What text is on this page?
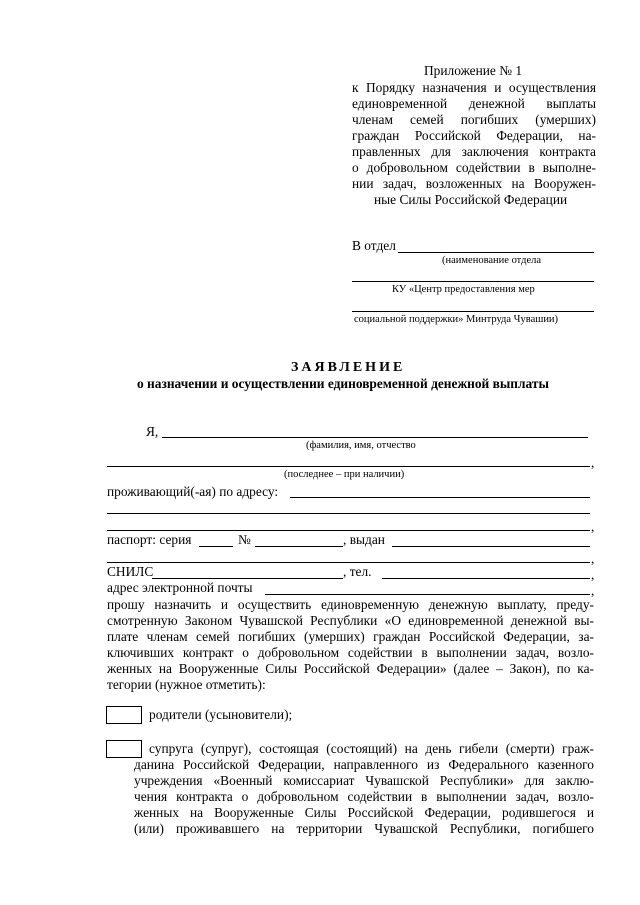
Приложение № 1
к Порядку назначения и осуществления
единовременной денежной выплаты
членам семей погибших (умерших)
граждан Российской Федерации, на-
правленных для заключения контракта
о добровольном содействии в выполне-
нии задач, возложенных на Вооружен-
ные Силы Российской Федерации
В отдел
(наименование отдела
КУ «Центр предоставления мер
социальной поддержки» Минтруда Чувашии)
ЗАЯВЛЕНИЕ
о назначении и осуществлении единовременной денежной выплаты
Я,
(фамилия, имя, отчество
,
(последнее – при наличии)
проживающий(-ая) по адресу:
,
паспорт: серия	№	, выдан
,
СНИЛС	, тел.	,
адрес электронной почты	,
прошу назначить и осуществить единовременную денежную выплату, преду-
смотренную Законом Чувашской Республики «О единовременной денежной вы-
плате членам семей погибших (умерших) граждан Российской Федерации, за-
ключивших контракт о добровольном содействии в выполнении задач, возло-
женных на Вооруженные Силы Российской Федерации» (далее – Закон), по ка-
тегории (нужное отметить):
родители (усыновители);
супруга (супруг), состоящая (состоящий) на день гибели (смерти) граж-
данина Российской Федерации, направленного из Федерального казенного
учреждения «Военный комиссариат Чувашской Республики» для заклю-
чения контракта о добровольном содействии в выполнении задач, возло-
женных на Вооруженные Силы Российской Федерации, родившегося и
(или) проживавшего на территории Чувашской Республики, погибшего
